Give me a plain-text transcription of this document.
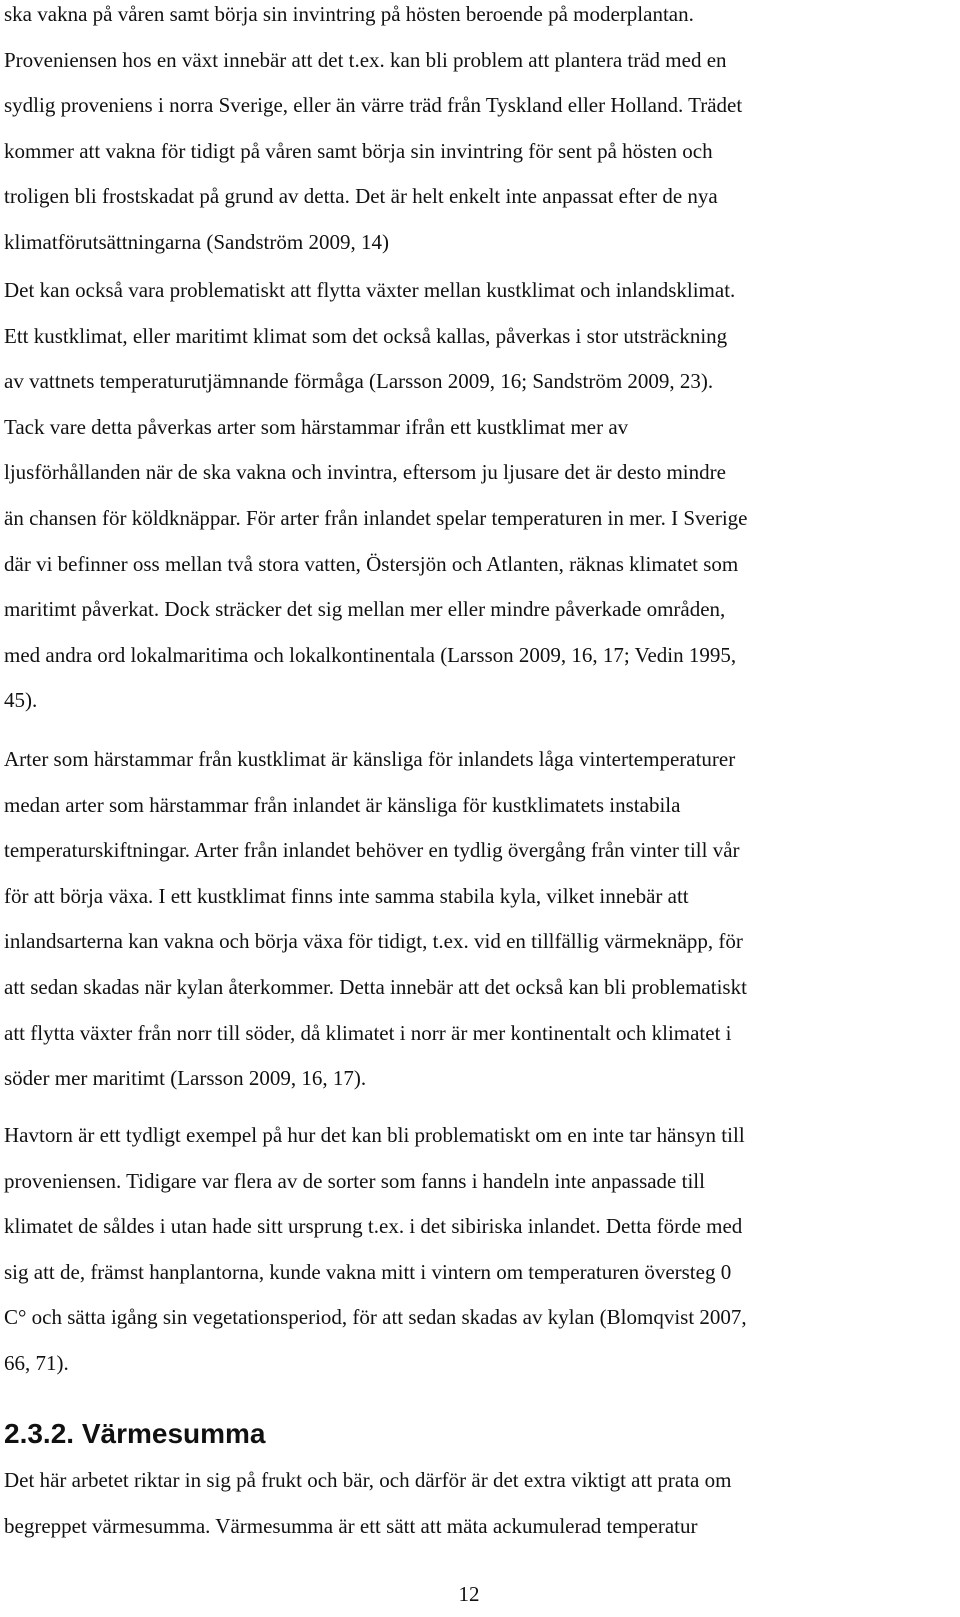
ska vakna på våren samt börja sin invintring på hösten beroende på moderplantan.
Proveniensen hos en växt innebär att det t.ex. kan bli problem att plantera träd med en
sydlig proveniens i norra Sverige, eller än värre träd från Tyskland eller Holland. Trädet
kommer att vakna för tidigt på våren samt börja sin invintring för sent på hösten och
troligen bli frostskadat på grund av detta. Det är helt enkelt inte anpassat efter de nya
klimatförutsättningarna (Sandström 2009, 14)

Det kan också vara problematiskt att flytta växter mellan kustklimat och inlandsklimat.
Ett kustklimat, eller maritimt klimat som det också kallas, påverkas i stor utsträckning
av vattnets temperaturutjämnande förmåga (Larsson 2009, 16; Sandström 2009, 23).
Tack vare detta påverkas arter som härstammar ifrån ett kustklimat mer av
ljusförhållanden när de ska vakna och invintra, eftersom ju ljusare det är desto mindre
än chansen för köldknäppar. För arter från inlandet spelar temperaturen in mer. I Sverige
där vi befinner oss mellan två stora vatten, Östersjön och Atlanten, räknas klimatet som
maritimt påverkat. Dock sträcker det sig mellan mer eller mindre påverkade områden,
med andra ord lokalmaritima och lokalkontinentala (Larsson 2009, 16, 17; Vedin 1995,
45).

Arter som härstammar från kustklimat är känsliga för inlandets låga vintertemperaturer
medan arter som härstammar från inlandet är känsliga för kustklimatets instabila
temperaturskiftningar. Arter från inlandet behöver en tydlig övergång från vinter till vår
för att börja växa. I ett kustklimat finns inte samma stabila kyla, vilket innebär att
inlandsarterna kan vakna och börja växa för tidigt, t.ex. vid en tillfällig värmeknäpp, för
att sedan skadas när kylan återkommer. Detta innebär att det också kan bli problematiskt
att flytta växter från norr till söder, då klimatet i norr är mer kontinentalt och klimatet i
söder mer maritimt (Larsson 2009, 16, 17).

Havtorn är ett tydligt exempel på hur det kan bli problematiskt om en inte tar hänsyn till
proveniensen. Tidigare var flera av de sorter som fanns i handeln inte anpassade till
klimatet de såldes i utan hade sitt ursprung t.ex. i det sibiriska inlandet. Detta förde med
sig att de, främst hanplantorna, kunde vakna mitt i vintern om temperaturen översteg 0
C° och sätta igång sin vegetationsperiod, för att sedan skadas av kylan (Blomqvist 2007,
66, 71).

2.3.2. Värmesumma

Det här arbetet riktar in sig på frukt och bär, och därför är det extra viktigt att prata om
begreppet värmesumma. Värmesumma är ett sätt att mäta ackumulerad temperatur

12
